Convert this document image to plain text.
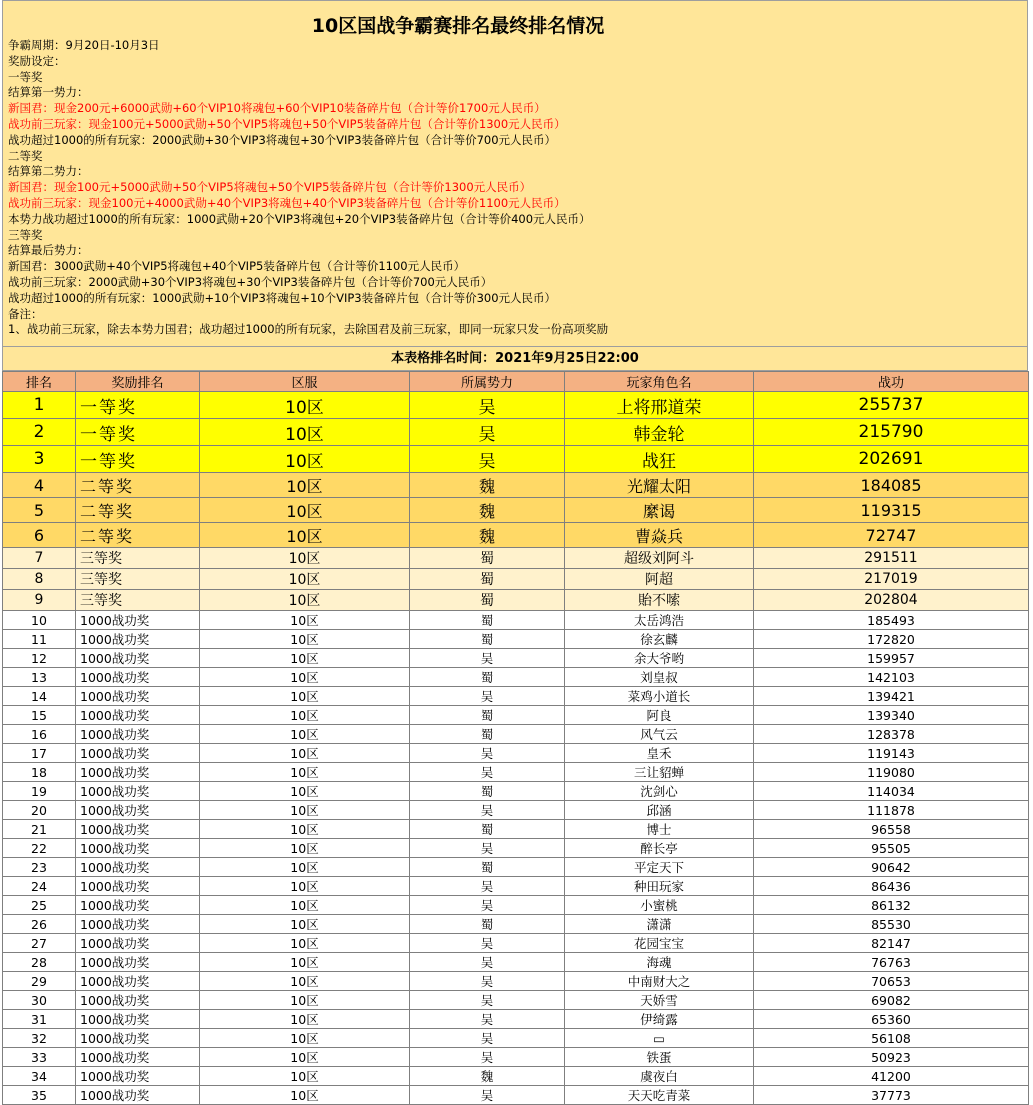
10区国战争霸赛排名最终排名情况
争霸周期：9月20日-10月3日
奖励设定：
一等奖
结算第一势力：
新国君：现金200元+6000武勋+60个VIP10将魂包+60个VIP10装备碎片包（合计等价1700元人民币）
战功前三玩家：现金100元+5000武勋+50个VIP5将魂包+50个VIP5装备碎片包（合计等价1300元人民币）
战功超过1000的所有玩家：2000武勋+30个VIP3将魂包+30个VIP3装备碎片包（合计等价700元人民币）
二等奖
结算第二势力：
新国君：现金100元+5000武勋+50个VIP5将魂包+50个VIP5装备碎片包（合计等价1300元人民币）
战功前三玩家：现金100元+4000武勋+40个VIP3将魂包+40个VIP3装备碎片包（合计等价1100元人民币）
本势力战功超过1000的所有玩家：1000武勋+20个VIP3将魂包+20个VIP3装备碎片包（合计等价400元人民币）
三等奖
结算最后势力：
新国君：3000武勋+40个VIP5将魂包+40个VIP5装备碎片包（合计等价1100元人民币）
战功前三玩家：2000武勋+30个VIP3将魂包+30个VIP3装备碎片包（合计等价700元人民币）
战功超过1000的所有玩家：1000武勋+10个VIP3将魂包+10个VIP3装备碎片包（合计等价300元人民币）
备注：
1、战功前三玩家，除去本势力国君；战功超过1000的所有玩家，去除国君及前三玩家，即同一玩家只发一份高项奖励
本表格排名时间：2021年9月25日22:00
排名	奖励排名	区服	所属势力	玩家角色名	战功
1	一等奖	10区	吴	上将邢道荣	255737
2	一等奖	10区	吴	韩金轮	215790
3	一等奖	10区	吴	战狂	202691
4	二等奖	10区	魏	光耀太阳	184085
5	二等奖	10区	魏	縻谒	119315
6	二等奖	10区	魏	曹焱兵	72747
7	三等奖	10区	蜀	超级刘阿斗	291511
8	三等奖	10区	蜀	阿超	217019
9	三等奖	10区	蜀	貽不嗦	202804
10	1000战功奖	10区	蜀	太岳鸿浩	185493
11	1000战功奖	10区	蜀	徐玄麟	172820
12	1000战功奖	10区	吴	余大爷哟	159957
13	1000战功奖	10区	蜀	刘皇叔	142103
14	1000战功奖	10区	吴	菜鸡小道长	139421
15	1000战功奖	10区	蜀	阿良	139340
16	1000战功奖	10区	蜀	风气云	128378
17	1000战功奖	10区	吴	皇禾	119143
18	1000战功奖	10区	吴	三让貂蝉	119080
19	1000战功奖	10区	蜀	沈剑心	114034
20	1000战功奖	10区	吴	邱涵	111878
21	1000战功奖	10区	蜀	博士	96558
22	1000战功奖	10区	吴	醉长亭	95505
23	1000战功奖	10区	蜀	平定天下	90642
24	1000战功奖	10区	吴	种田玩家	86436
25	1000战功奖	10区	吴	小蜜桃	86132
26	1000战功奖	10区	蜀	潇潇	85530
27	1000战功奖	10区	吴	花园宝宝	82147
28	1000战功奖	10区	吴	海魂	76763
29	1000战功奖	10区	吴	中南财大之	70653
30	1000战功奖	10区	吴	天娇雪	69082
31	1000战功奖	10区	吴	伊绮露	65360
32	1000战功奖	10区	吴	▭	56108
33	1000战功奖	10区	吴	铁蛋	50923
34	1000战功奖	10区	魏	虞夜白	41200
35	1000战功奖	10区	吴	天天吃青菜	37773
